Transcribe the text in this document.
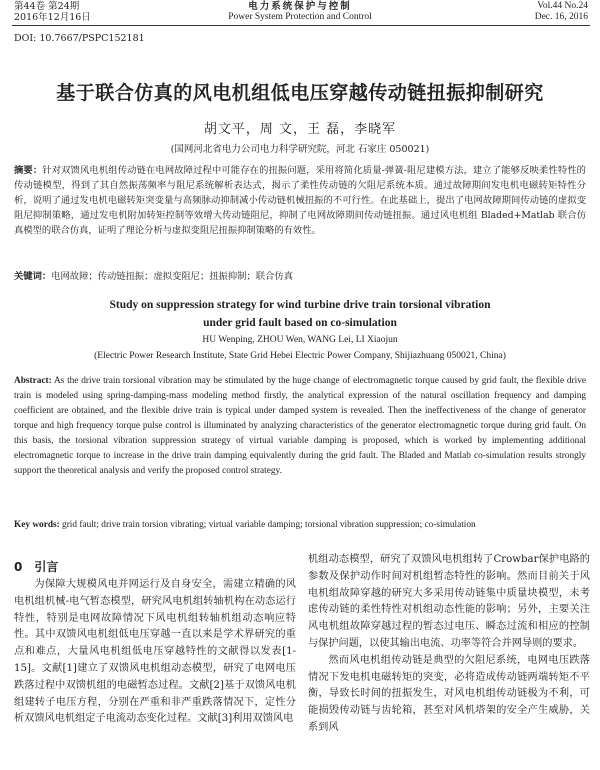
第44卷 第24期
2016年12月16日
电力系统保护与控制
Power System Protection and Control
Vol.44 No.24
Dec. 16, 2016
DOI: 10.7667/PSPC152181
基于联合仿真的风电机组低电压穿越传动链扭振抑制研究
胡文平，周 文，王 磊，李晓军
(国网河北省电力公司电力科学研究院，河北 石家庄 050021)
摘要：针对双馈风电机组传动链在电网故障过程中可能存在的扭振问题，采用将简化质量-弹簧-阻尼建模方法，建立了能够反映柔性特性的传动链模型，得到了其自然振荡频率与阻尼系统解析表达式，揭示了柔性传动链的欠阻尼系统本质。通过故障期间发电机电磁转矩特性分析，说明了通过发电机电磁转矩突变量与高频脉动抑制减小传动链机械扭振的不可行性。在此基础上，提出了电网故障期间传动链的虚拟变阻尼抑制策略，通过发电机附加转矩控制等效增大传动链阻尼，抑制了电网故障期间传动链扭振。通过风电机组 Bladed+Matlab 联合仿真模型的联合仿真，证明了理论分析与虚拟变阻尼扭振抑制策略的有效性。
关键词：电网故障；传动链扭振；虚拟变阻尼；扭振抑制；联合仿真
Study on suppression strategy for wind turbine drive train torsional vibration
under grid fault based on co-simulation
HU Wenping, ZHOU Wen, WANG Lei, LI Xiaojun
(Electric Power Research Institute, State Grid Hebei Electric Power Company, Shijiazhuang 050021, China)
Abstract: As the drive train torsional vibration may be stimulated by the huge change of electromagnetic torque caused by grid fault, the flexible drive train is modeled using spring-damping-mass modeling method firstly, the analytical expression of the natural oscillation frequency and damping coefficient are obtained, and the flexible drive train is typical under damped system is revealed. Then the ineffectiveness of the change of generator torque and high frequency torque pulse control is illuminated by analyzing characteristics of the generator electromagnetic torque during grid fault. On this basis, the torsional vibration suppression strategy of virtual variable damping is proposed, which is worked by implementing additional electromagnetic torque to increase in the drive train damping equivalently during the grid fault. The Bladed and Matlab co-simulation results strongly support the theoretical analysis and verify the proposed control strategy.
Key words: grid fault; drive train torsion vibrating; virtual variable damping; torsional vibration suppression; co-simulation
0　引言
为保障大规模风电并网运行及自身安全，需建立精确的风电机组机械-电气暂态模型，研究风电机组转轴机构在动态运行特性，特别是电网故障情况下风电机组转轴机组动态响应特性。其中双馈风电机组低电压穿越一直以来是学术界研究的重点和难点，大量风电机组低电压穿越特性的文献得以发表[1-15]。文献[1]建立了双馈风电机组动态模型，研究了电网电压跌落过程中双馈机组的电磁暂态过程。文献[2]基于双馈风电机组建转子电压方程，分别在严重和非严重跌落情况下，定性分析双馈风电机组定子电流动态变化过程。文献[3]利用双馈风电

机组动态模型，研究了双馈风电机组转了Crowbar保护电路的参数及保护动作时间对机组暂态特性的影响。然而目前关于风电机组故障穿越的研究大多采用传动链集中质量块模型，未考虑传动链的柔性特性对机组动态性能的影响；另外，主要关注风电机组故障穿越过程的暂态过电压、瞬态过流和相应的控制与保护问题，以使其输出电流、功率等符合并网导则的要求。

然而风电机组传动链是典型的欠阻尼系统，电网电压跌落情况下发电机电磁转矩的突变，必将造成传动链两端转矩不平衡，导致长时间的扭振发生，对风电机组传动链极为不利，可能损毁传动链与齿轮箱，甚至对风机塔架的安全产生威胁，关系到风
